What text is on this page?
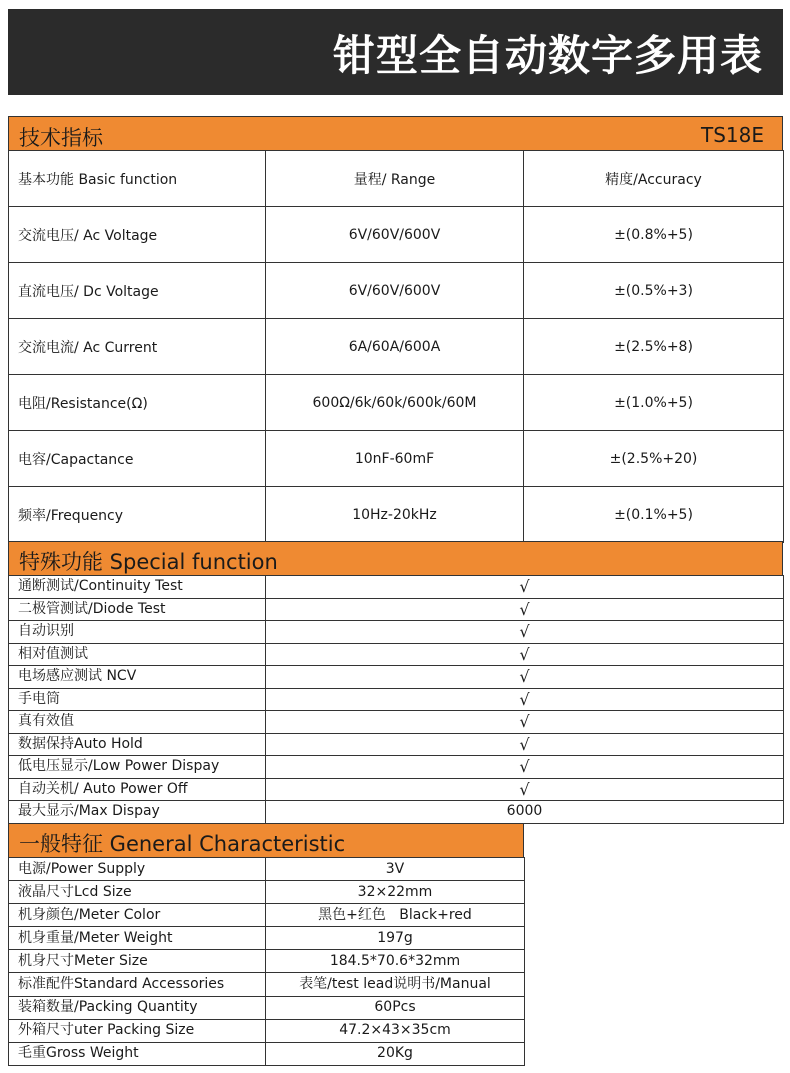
钳型全自动数字多用表
技术指标	TS18E
基本功能 Basic function	量程/ Range	精度/Accuracy
交流电压/ Ac Voltage	6V/60V/600V	±(0.8%+5)
直流电压/ Dc Voltage	6V/60V/600V	±(0.5%+3)
交流电流/ Ac Current	6A/60A/600A	±(2.5%+8)
电阻/Resistance(Ω)	600Ω/6k/60k/600k/60M	±(1.0%+5)
电容/Capactance	10nF-60mF	±(2.5%+20)
频率/Frequency	10Hz-20kHz	±(0.1%+5)
特殊功能 Special function
通断测试/Continuity Test	√
二极管测试/Diode Test	√
自动识别	√
相对值测试	√
电场感应测试 NCV	√
手电筒	√
真有效值	√
数据保持Auto Hold	√
低电压显示/Low Power Dispay	√
自动关机/ Auto Power Off	√
最大显示/Max Dispay	6000
一般特征 General Characteristic
电源/Power Supply	3V
液晶尺寸Lcd Size	32×22mm
机身颜色/Meter Color	黑色+红色   Black+red
机身重量/Meter Weight	197g
机身尺寸Meter Size	184.5*70.6*32mm
标准配件Standard Accessories	表笔/test lead说明书/Manual
装箱数量/Packing Quantity	60Pcs
外箱尺寸uter Packing Size	47.2×43×35cm
毛重Gross Weight	20Kg
